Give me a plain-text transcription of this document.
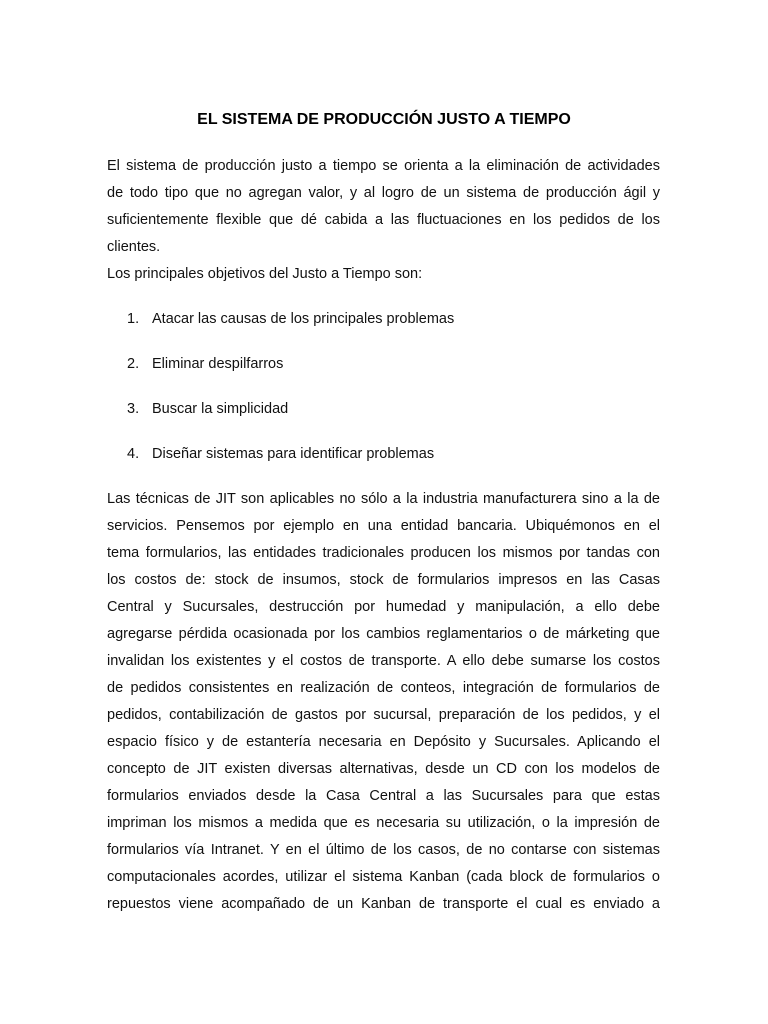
EL SISTEMA DE PRODUCCIÓN JUSTO A TIEMPO

El sistema de producción justo a tiempo se orienta a la eliminación de actividades
de todo tipo que no agregan valor, y al logro de un sistema de producción ágil y
suficientemente flexible que dé cabida a las fluctuaciones en los pedidos de los
clientes.

Los principales objetivos del Justo a Tiempo son:

1. Atacar las causas de los principales problemas
2. Eliminar despilfarros
3. Buscar la simplicidad
4. Diseñar sistemas para identificar problemas

Las técnicas de JIT son aplicables no sólo a la industria manufacturera sino a la de
servicios. Pensemos por ejemplo en una entidad bancaria. Ubiquémonos en el
tema formularios, las entidades tradicionales producen los mismos por tandas con
los costos de: stock de insumos, stock de formularios impresos en las Casas
Central y Sucursales, destrucción por humedad y manipulación, a ello debe
agregarse pérdida ocasionada por los cambios reglamentarios o de márketing que
invalidan los existentes y el costos de transporte. A ello debe sumarse los costos
de pedidos consistentes en realización de conteos, integración de formularios de
pedidos, contabilización de gastos por sucursal, preparación de los pedidos, y el
espacio físico y de estantería necesaria en Depósito y Sucursales. Aplicando el
concepto de JIT existen diversas alternativas, desde un CD con los modelos de
formularios enviados desde la Casa Central a las Sucursales para que estas
impriman los mismos a medida que es necesaria su utilización, o la impresión de
formularios vía Intranet. Y en el último de los casos, de no contarse con sistemas
computacionales acordes, utilizar el sistema Kanban (cada block de formularios o
repuestos viene acompañado de un Kanban de transporte el cual es enviado a
